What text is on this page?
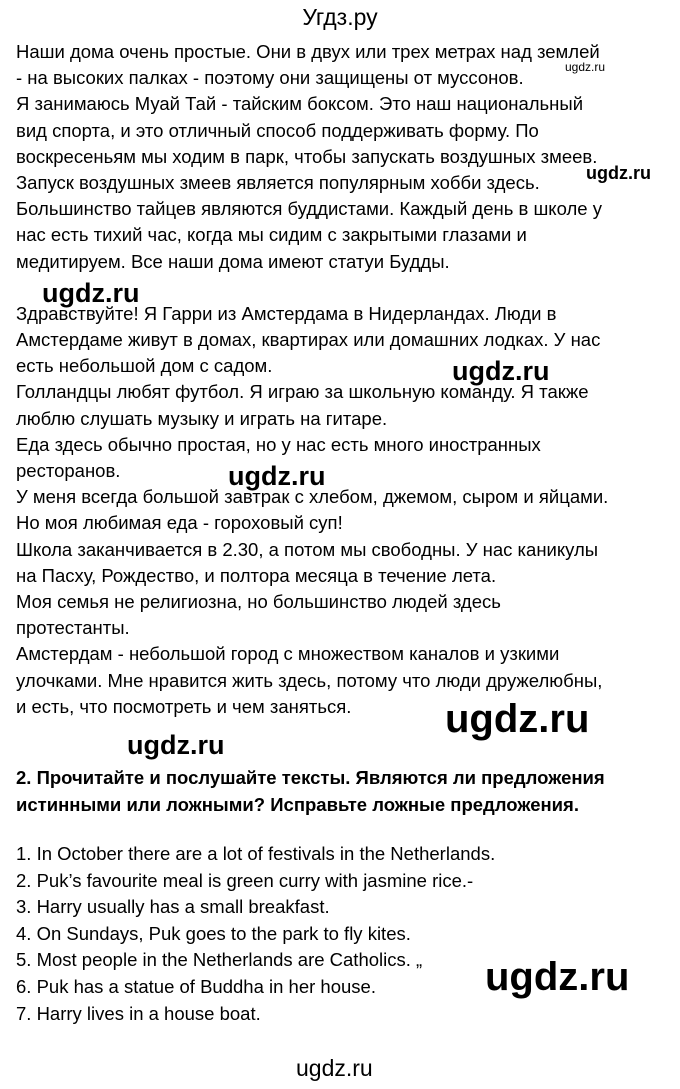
Угдз.ру
Наши дома очень простые. Они в двух или трех метрах над землей
- на высоких палках - поэтому они защищены от муссонов.
Я занимаюсь Муай Тай - тайским боксом. Это наш национальный
вид спорта, и это отличный способ поддерживать форму. По
воскресеньям мы ходим в парк, чтобы запускать воздушных змеев.
Запуск воздушных змеев является популярным хобби здесь.
Большинство тайцев являются буддистами. Каждый день в школе у
нас есть тихий час, когда мы сидим с закрытыми глазами и
медитируем. Все наши дома имеют статуи Будды.
Здравствуйте! Я Гарри из Амстердама в Нидерландах. Люди в
Амстердаме живут в домах, квартирах или домашних лодках. У нас
есть небольшой дом с садом.
Голландцы любят футбол. Я играю за школьную команду. Я также
люблю слушать музыку и играть на гитаре.
Еда здесь обычно простая, но у нас есть много иностранных
ресторанов.
У меня всегда большой завтрак с хлебом, джемом, сыром и яйцами.
Но моя любимая еда - гороховый суп!
Школа заканчивается в 2.30, а потом мы свободны. У нас каникулы
на Пасху, Рождество, и полтора месяца в течение лета.
Моя семья не религиозна, но большинство людей здесь
протестанты.
Амстердам - небольшой город с множеством каналов и узкими
улочками. Мне нравится жить здесь, потому что люди дружелюбны,
и есть, что посмотреть и чем заняться.
2. Прочитайте и послушайте тексты. Являются ли предложения
истинными или ложными? Исправьте ложные предложения.
1. In October there are a lot of festivals in the Netherlands.
2. Puk’s favourite meal is green curry with jasmine rice.-
3. Harry usually has a small breakfast.
4. On Sundays, Puk goes to the park to fly kites.
5. Most people in the Netherlands are Catholics. „
6. Puk has a statue of Buddha in her house.
7. Harry lives in a house boat.
ugdz.ru
ugdz.ru
ugdz.ru
ugdz.ru
ugdz.ru
ugdz.ru
ugdz.ru
ugdz.ru
ugdz.ru
